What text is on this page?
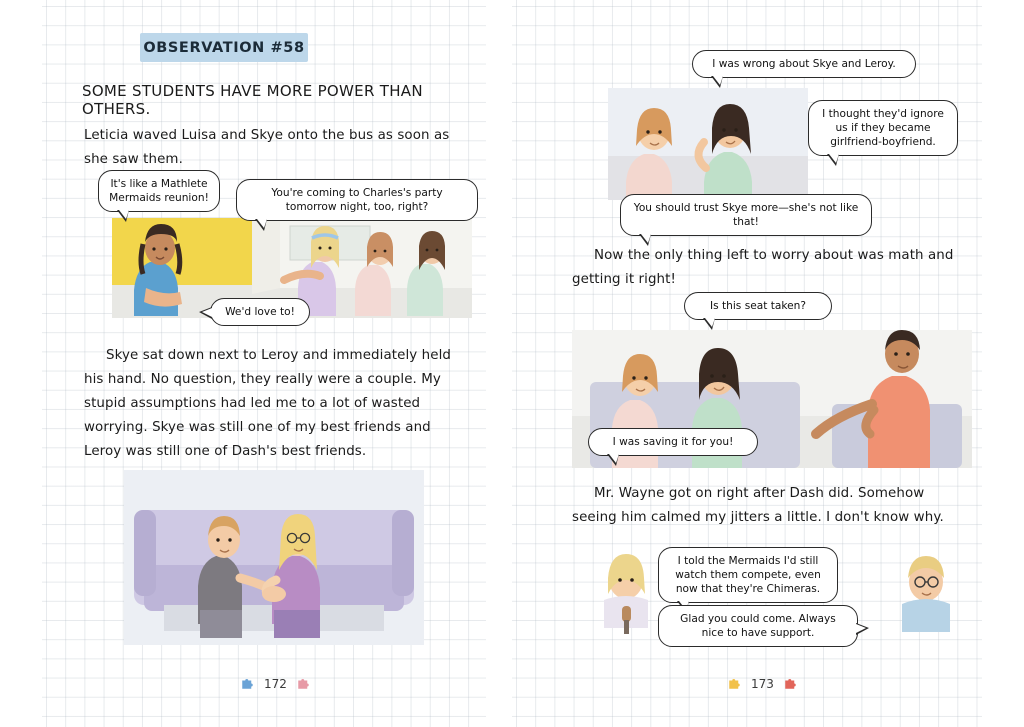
OBSERVATION #58
SOME STUDENTS HAVE MORE POWER THAN OTHERS.
Leticia waved Luisa and Skye onto the bus as soon as she saw them.
It's like a Mathlete Mermaids reunion!	You're coming to Charles's party tomorrow night, too, right?
We'd love to!
Skye sat down next to Leroy and immediately held his hand. No question, they really were a couple. My stupid assumptions had led me to a lot of wasted worrying. Skye was still one of my best friends and Leroy was still one of Dash's best friends.
172
I was wrong about Skye and Leroy.
I thought they'd ignore us if they became girlfriend-boyfriend.
You should trust Skye more—she's not like that!
Now the only thing left to worry about was math and getting it right!
Is this seat taken?
I was saving it for you!
Mr. Wayne got on right after Dash did. Somehow seeing him calmed my jitters a little. I don't know why.
I told the Mermaids I'd still watch them compete, even now that they're Chimeras.
Glad you could come. Always nice to have support.
173
